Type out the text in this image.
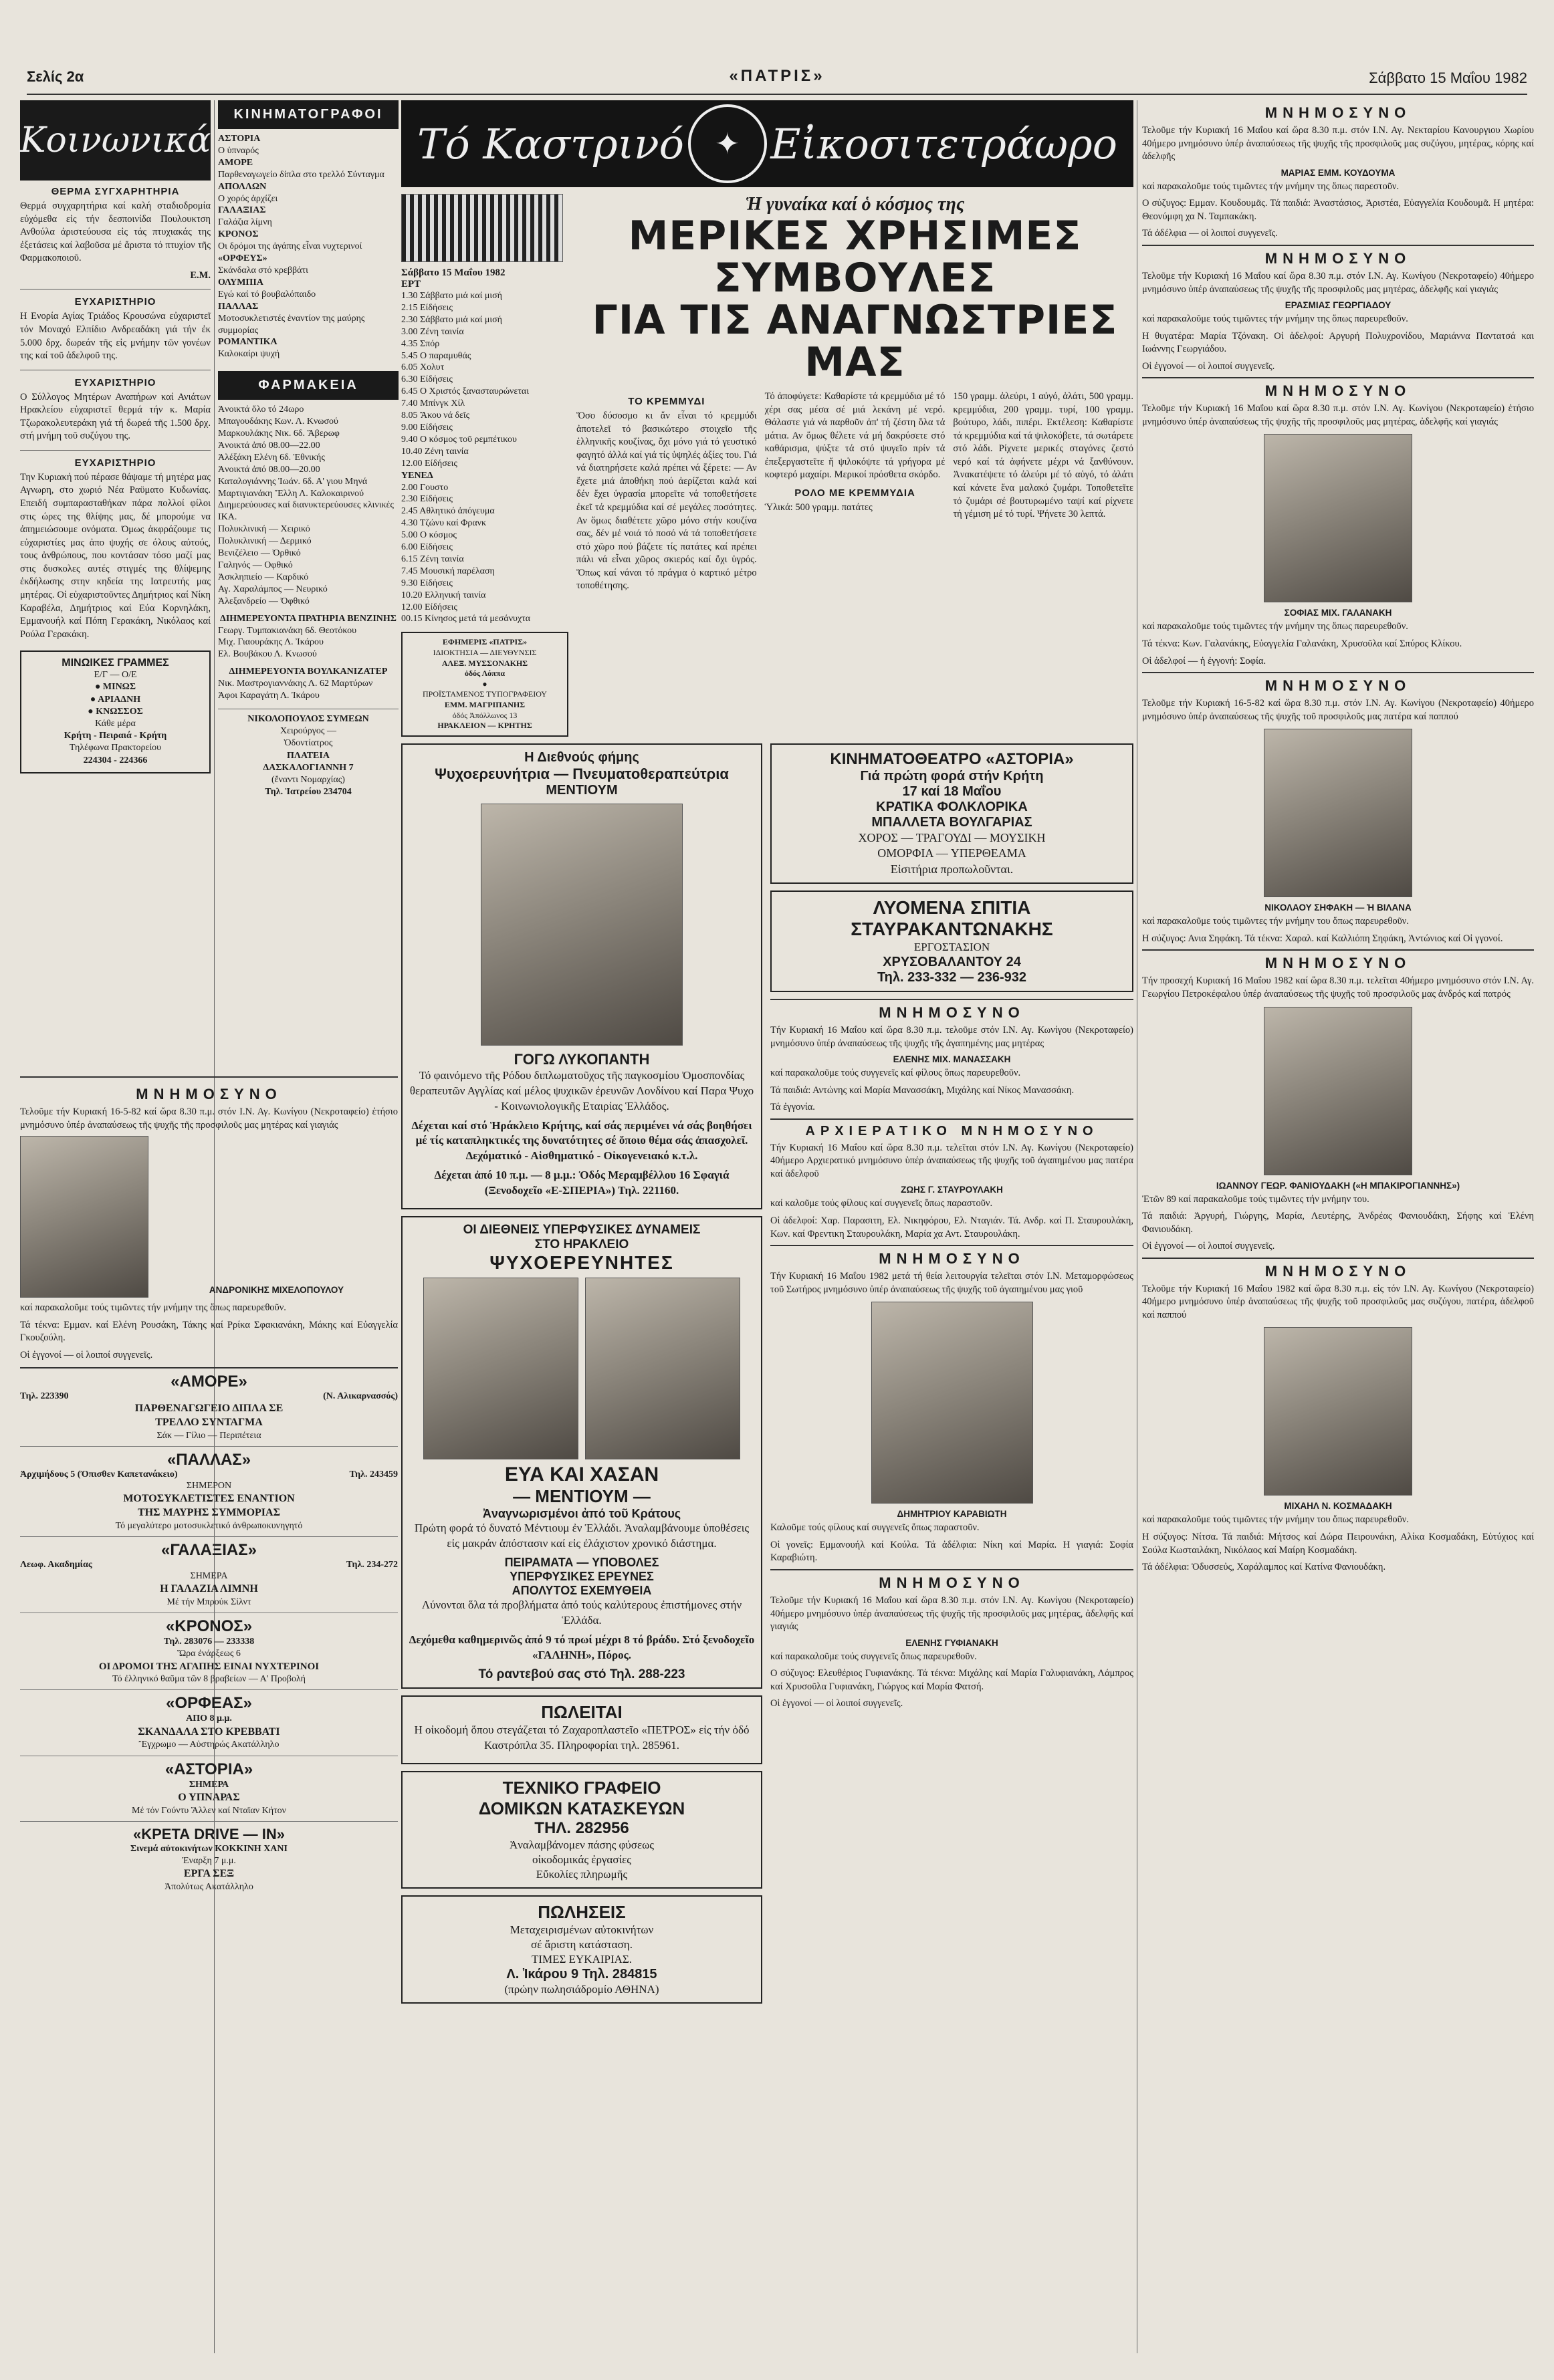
Σελίς 2α	«ΠΑΤΡΙΣ»	Σάββατο 15 Μαΐου 1982
Κοινωνικά
ΘΕΡΜΑ ΣΥΓΧΑΡΗΤΗΡΙΑ

Θερμά συγχαρητήρια καί καλή σταδιοδρομία εὐχόμεθα εἰς τήν δεσποινίδα Πουλουκτση Ανθούλα ἀριστεύουσα εἰς τάς πτυχιακάς της ἐξετάσεις καί λαβοῦσα μέ ἄριστα τό πτυχίον τῆς Φαρμακοποιοῦ.

Ε.Μ.

ΕΥΧΑΡΙΣΤΗΡΙΟ

Η Ενορία Αγίας Τριάδος Κρουσώνα εὐχαριστεῖ τόν Μοναχό Ελπίδιο Ανδρεαδάκη γιά τήν ἐκ 5.000 δρχ. δωρεάν τῆς εἰς μνήμην τῶν γονέων της καί τοῦ ἀδελφοῦ της.

ΕΥΧΑΡΙΣΤΗΡΙΟ

Ο Σύλλογος Μητέρων Αναπήρων καί Ανιάτων Ηρακλείου εὐχαριστεῖ θερμά τήν κ. Μαρία Τζωρακολευτεράκη γιά τή δωρεά τῆς 1.500 δρχ. στή μνήμη τοῦ συζύγου της.

ΕΥΧΑΡΙΣΤΗΡΙΟ

Την Κυριακή πού πέρασε θάψαμε τή μητέρα μας Αγνωρη, στο χωριό Νέα Ραϋματο Κυδωνίας. Επειδή συμπαρασταθήκαν πάρα πολλοί φίλοι στις ώρες της θλίψης μας, δέ μπορούμε να ἀπημειώσουμε ονόματα. Όμως ἀκφράζουμε τις εὐχαριστίες μας ἀπο ψυχής σε όλους αὐτούς, τους ἀνθρώπους, που κοντάσαν τόσο μαζί μας στις δυσκολες αυτές στιγμές της θλίψεμης ἐκδήλωσης στην κηδεία της Ιατρευτής μας μητέρας. Οἱ εὐχαριστοῦντες Δημήτριος καί Νίκη Καραβέλα, Δημήτριος καί Εύα Κορνηλάκη, Εμμανουήλ καί Πόπη Γερακάκη, Νικόλαος καί Ρούλα Γερακάκη.

ΜΙΝΩΙΚΕΣ ΓΡΑΜΜΕΣ
Ε/Γ — Ο/Ε
● ΜΙΝΩΣ
● ΑΡΙΑΔΝΗ
● ΚΝΩΣΣΟΣ
Κάθε μέρα
Κρήτη - Πειραιά - Κρήτη
Τηλέφωνα Πρακτορείου
224304 - 224366
ΚΙΝΗΜΑΤΟΓΡΑΦΟΙ
ΑΣΤΟΡΙΑ
Ο ὑπναρός
ΑΜΟΡΕ
Παρθεναγωγείο δίπλα στο τρελλό Σύνταγμα
ΑΠΟΛΛΩΝ
Ο χορός ἀρχίζει
ΓΑΛΑΞΙΑΣ
Γαλάζια λίμνη
ΚΡΟΝΟΣ
Οι δρόμοι της ἀγάπης εἶναι νυχτερινοί
«ΟΡΦΕΥΣ»
Σκάνδαλα στό κρεββάτι
ΟΛΥΜΠΙΑ
Εγώ καί τό βουβαλόπαιδο
ΠΑΛΛΑΣ
Μοτοσυκλετιστές ἐναντίον της μαύρης συμμορίας
ΡΟΜΑΝΤΙΚΑ
Καλοκαίρι ψυχή
ΦΑΡΜΑΚΕΙΑ
Ἀνοικτά ὅλο τό 24ωρο
Μπαγουδάκης Κων. Λ. Κνωσού
Μαρκουλάκης Νικ. 6δ. Ἄβερωφ
Ἀνοικτά ἀπό 08.00—22.00
Ἀλέξάκη Ελένη 6δ. Ἐθνικής
Ἀνοικτά ἀπό 08.00—20.00
Καταλογιάννης Ἰωάν. 6δ. Α' γιου Μηνά
Μαρτιγιανάκη Ἔλλη Λ. Καλοκαιρινού
Διημερεύουσες καί διανυκτερεύουσες κλινικές ΙΚΑ.
Πολυκλινική — Χειρικό
Πολυκλινική — Δερμικό
Βενιζέλειο — Ὀρθικό
Γαληνός — Οφθικό
Ἀσκληπιείο — Καρδικό
Αγ. Χαραλάμπος — Νευρικό
Ἀλεξανδρείο — Ὀφθικό
ΔΙΗΜΕΡΕΥΟΝΤΑ ΠΡΑΤΗΡΙΑ ΒΕΝΖΙΝΗΣ
Γεωργ. Τυμπακιανάκη 6δ. Θεοτόκου
Μιχ. Γιαουράκης Λ. Ἰκάρου
Ελ. Βουβάκου Λ. Κνωσού
ΔΙΗΜΕΡΕΥΟΝΤΑ ΒΟΥΛΚΑΝΙΖΑΤΕΡ
Νικ. Μαστρογιαννάκης Λ. 62 Μαρτύρων
Ἀφοι Καραγάτη Λ. Ἰκάρου
ΝΙΚΟΛΟΠΟΥΛΟΣ ΣΥΜΕΩΝ
Χειρούργος —
Ὀδοντίατρος
ΠΛΑΤΕΙΑ
ΔΑΣΚΑΛΟΓΙΑΝΝΗ 7
(ἔναντι Νομαρχίας)
Τηλ. Ἰατρείου 234704
ΜΝΗΜΟΣΥΝΟ

Τελοῦμε τήν Κυριακή 16-5-82 καί ὥρα 8.30 π.μ. στόν Ι.Ν. Αγ. Κωνίγου (Νεκροταφείο) ἐτήσιο μνημόσυνο ὑπέρ ἀναπαύσεως τῆς ψυχῆς τῆς προσφιλοῦς μας μητέρας καί γιαγιάς

ΑΝΔΡΟΝΙΚΗΣ ΜΙΧΕΛΟΠΟΥΛΟΥ

καί παρακαλοῦμε τούς τιμῶντες τήν μνήμην της ὅπως παρευρεθοῦν.

Τά τέκνα: Εμμαν. καί Ελένη Ρουσάκη, Τάκης καί Ρρίκα Σφακιανάκη, Μάκης καί Εὐαγγελία Γκουζούλη.

Οἱ ἐγγονοί — οἱ λοιποί συγγενεῖς.

«ΑΜΟΡΕ»
Τηλ. 223390	(Ν. Αλικαρνασσός)
ΠΑΡΘΕΝΑΓΩΓΕΙΟ ΔΙΠΛΑ ΣΕ
ΤΡΕΛΛΟ ΣΥΝΤΑΓΜΑ
Σάκ — Γίλιο — Περιπέτεια
«ΠΑΛΛΑΣ»
Ἀρχιμήδους 5 (Ὀπισθεν Καπετανάκειο)	Τηλ. 243459
ΣΗΜΕΡΟΝ
ΜΟΤΟΣΥΚΛΕΤΙΣΤΕΣ ΕΝΑΝΤΙΟΝ
ΤΗΣ ΜΑΥΡΗΣ ΣΥΜΜΟΡΙΑΣ
Τό μεγαλύτερο μοτοσυκλετικό ἀνθρωποκυνηγητό
«ΓΑΛΑΞΙΑΣ»
Λεωφ. Ακαδημίας	Τηλ. 234-272
ΣΗΜΕΡΑ
Η ΓΑΛΑΖΙΑ ΛΙΜΝΗ
Μέ τήν Μπρούκ Σίλντ
«ΚΡΟΝΟΣ»
Τηλ. 283076 — 233338
Ὥρα ἐνάρξεως 6
ΟΙ ΔΡΟΜΟΙ ΤΗΣ ΑΓΑΠΗΣ ΕΙΝΑΙ ΝΥΧΤΕΡΙΝΟΙ
Τό ἐλληνικό θαῦμα τῶν 8 βραβείων — Α' Προβολή
«ΟΡΦΕΑΣ»
ΑΠΟ 8 μ.μ.
ΣΚΑΝΔΑΛΑ ΣΤΟ ΚΡΕΒΒΑΤΙ
Ἔγχρωμο — Αὐστηρώς Ακατάλληλο
«ΑΣΤΟΡΙΑ»
ΣΗΜΕΡΑ
Ο ΥΠΝΑΡΑΣ
Μέ τόν Γούντυ Ἄλλεν καί Νταϊαν Κήτον
«ΚΡΕΤΑ DRIVE — IN»
Σινεμά αὐτοκινήτων ΚΟΚΚΙΝΗ ΧΑΝΙ
Ἐναρξη 7 μ.μ.
ΕΡΓΑ ΣΕΞ
Ἀπολύτως Ακατάλληλο
Τό Καστρινό	✦ Εἰκοσιτετράωρο
Σάββατο 15 Μαΐου 1982
ΕΡΤ
1.30 Σάββατο μιά καί μισή
2.15 Είδήσεις
2.30 Σάββατο μιά καί μισή
3.00 Ζένη ταινία
4.35 Σπόρ
5.45 Ο παραμυθάς
6.05 Χολυτ
6.30 Είδήσεις
6.45 Ο Χριστός ξανασταυρώνεται
7.40 Μπίνγκ Χίλ
8.05 Ἄκου νά δεῖς
9.00 Είδήσεις
9.40 Ο κόσμος τοῦ ρεμπέτικου
10.40 Ζένη ταινία
12.00 Είδήσεις
ΥΕΝΕΔ
2.00 Γουστο
2.30 Είδήσεις
2.45 Αθλητικό ἀπόγευμα
4.30 Τζώνυ καί Φρανκ
5.00 Ο κόσμος
6.00 Είδήσεις
6.15 Ζένη ταινία
7.45 Μουσική παρέλαση
9.30 Είδήσεις
10.20 Ελληνική ταινία
12.00 Είδήσεις
00.15 Κίνησος μετά τά μεσάνυχτα
ΕΦΗΜΕΡΙΣ «ΠΑΤΡΙΣ»
ΙΔΙΟΚΤΗΣΙΑ — ΔΙΕΥΘΥΝΣΙΣ
ΑΛΕΞ. ΜΥΣΣΟΝΑΚΗΣ
ὁδός Λόππα
●
ΠΡΟΪΣΤΑΜΕΝΟΣ ΤΥΠΟΓΡΑΦΕΙΟΥ
ΕΜΜ. ΜΑΓΡΙΠΑΝΗΣ
ὁδός Ἀπόλλωνος 13
ΗΡΑΚΛΕΙΟΝ — ΚΡΗΤΗΣ
Ἡ γυναίκα καί ὁ κόσμος της
ΜΕΡΙΚΕΣ ΧΡΗΣΙΜΕΣ ΣΥΜΒΟΥΛΕΣ
ΓΙΑ ΤΙΣ ΑΝΑΓΝΩΣΤΡΙΕΣ ΜΑΣ
ΤΟ ΚΡΕΜΜΥΔΙ

Ὅσο δύσοσμο κι ἄν εἶναι τό κρεμμύδι ἀποτελεῖ τό βασικώτερο στοιχεῖο τῆς ἑλληνικῆς κουζίνας, ὄχι μόνο γιά τό γευστικό φαγητό ἀλλά καί γιά τίς ὑψηλές ἀξίες του. Γιά νά διατηρήσετε καλά πρέπει νά ξέρετε: — Αν ἔχετε μιά ἀποθήκη πού ἀερίζεται καλά καί δέν ἔχει ὑγρασία μπορεῖτε νά τοποθετήσετε ἐκεῖ τά κρεμμύδια καί σέ μεγάλες ποσότητες. Αν ὅμως διαθέτετε χῶρο μόνο στήν κουζίνα σας, δέν μέ νοιά τό ποσό νά τά τοποθετήσετε στό χῶρο πού βάζετε τίς πατάτες καί πρέπει πάλι νά εἶναι χῶρος σκιερός καί ὄχι ὑγρός. Ὅπως καί νάναι τό πράγμα ὀ καρτικό μέτρο τοποθέτησης.

Τό ἀποφύγετε: Καθαρίστε τά κρεμμύδια μέ τό χέρι σας μέσα σέ μιά λεκάνη μέ νερό. Θάλαστε γιά νά παρθοῦν ἀπ' τή ζέστη ὅλα τά μάτια. Αν ὅμως θέλετε νά μή δακρύσετε στό καθάρισμα, ψύξτε τά στό ψυγεῖο πρίν τά ἐπεξεργαστεῖτε ἤ ψιλοκόψτε τά γρήγορα μέ κοφτερό μαχαίρι. Μερικοί πρόσθετα σκόρδο.

ΡΟΛΟ ΜΕ ΚΡΕΜΜΥΔΙΑ

Ὑλικά: 500 γραμμ. πατάτες

150 γραμμ. ἀλεύρι, 1 αὐγό, ἀλάτι, 500 γραμμ. κρεμμύδια, 200 γραμμ. τυρί, 100 γραμμ. βούτυρο, λάδι, πιπέρι. Εκτέλεση: Καθαρίστε τά κρεμμύδια καί τά ψιλοκόβετε, τά σωτάρετε στό λάδι. Ρίχνετε μερικές σταγόνες ζεστό νερό καί τά ἀφήνετε μέχρι νά ξανθύνουν. Ἀνακατέψετε τό ἀλεύρι μέ τό αὐγό, τό ἀλάτι καί κάνετε ἕνα μαλακό ζυμάρι. Τοποθετεῖτε τό ζυμάρι σέ βουτυρωμένο ταψί καί ρίχνετε τή γέμιση μέ τό τυρί. Ψήνετε 30 λεπτά.

Η Διεθνούς φήμης
Ψυχοερευνήτρια — Πνευματοθεραπεύτρια
ΜΕΝΤΙΟΥΜ
ΓΟΓΩ ΛΥΚΟΠΑΝΤΗ

Τό φαινόμενο τῆς Ρόδου διπλωματοῦχος τῆς παγκοσμίου Ὀμοσπονδίας θεραπευτῶν Αγγλίας καί μέλος ψυχικῶν ἐρευνῶν Λονδίνου καί Παρα Ψυχο - Κοινωνιολογικῆς Εταιρίας Ἑλλάδος.

Δέχεται καί στό Ἡράκλειο Κρήτης, καί σάς περιμένει νά σάς βοηθήσει μέ τίς καταπληκτικές της δυνατότητες σέ ὅποιο θέμα σάς ἀπασχολεῖ. Δεχόματικό - Αἰσθηματικό - Οἰκογενειακό κ.τ.λ.

Δέχεται ἀπό 10 π.μ. — 8 μ.μ.: Ὁδός Μεραμβέλλου 16 Σφαγιά (Ξενοδοχεῖο «Ε-ΣΠΕΡΙΑ») Τηλ. 221160.

ΟΙ ΔΙΕΘΝΕΙΣ ΥΠΕΡΦΥΣΙΚΕΣ ΔΥΝΑΜΕΙΣ
ΣΤΟ ΗΡΑΚΛΕΙΟ
ΨΥΧΟΕΡΕΥΝΗΤΕΣ
ΕΥΑ ΚΑΙ ΧΑΣΑΝ
— ΜΕΝΤΙΟΥΜ —
Ἀναγνωρισμένοι ἀπό τοῦ Κράτους

Πρώτη φορά τό δυνατό Μέντιουμ ἐν Ἑλλάδι. Ἀναλαμβάνουμε ὑποθέσεις εἰς μακράν ἀπόστασιν καί εἰς ἐλάχιστον χρονικό διάστημα.

ΠΕΙΡΑΜΑΤΑ — ΥΠΟΒΟΛΕΣ
ΥΠΕΡΦΥΣΙΚΕΣ ΕΡΕΥΝΕΣ
ΑΠΟΛΥΤΟΣ ΕΧΕΜΥΘΕΙΑ

Λύνονται ὅλα τά προβλήματα ἀπό τούς καλύτερους ἐπιστήμονες στήν Ἑλλάδα.

Δεχόμεθα καθημερινῶς ἀπό 9 τό πρωί μέχρι 8 τό βράδυ. Στό ξενοδοχεῖο «ΓΑΛΗΝΗ», Πόρος.

Τό ραντεβού σας στό Τηλ. 288-223
ΠΩΛΕΙΤΑΙ

Η οἰκοδομή ὅπου στεγάζεται τό Ζαχαροπλαστεῖο «ΠΕΤΡΟΣ» εἰς τήν ὁδό Καστρόπλα 35. Πληροφορίαι τηλ. 285961.

ΤΕΧΝΙΚΟ ΓΡΑΦΕΙΟ
ΔΟΜΙΚΩΝ ΚΑΤΑΣΚΕΥΩΝ
ΤΗΛ. 282956
Ἀναλαμβάνομεν πάσης φύσεως
οἰκοδομικάς ἐργασίες
Εὔκολίες πληρωμῆς
ΠΩΛΗΣΕΙΣ
Μεταχειρισμένων αὐτοκινήτων
σέ ἄριστη κατάσταση.
ΤΙΜΕΣ ΕΥΚΑΙΡΙΑΣ.
Λ. Ἰκάρου 9 Τηλ. 284815
(πρώην πωλησιάδρομίο ΑΘΗΝΑ)
ΚΙΝΗΜΑΤΟΘΕΑΤΡΟ «ΑΣΤΟΡΙΑ»
Γιά πρώτη φορά στήν Κρήτη
17 καί 18 Μαΐου
ΚΡΑΤΙΚΑ ΦΟΛΚΛΟΡΙΚΑ
ΜΠΑΛΛΕΤΑ ΒΟΥΛΓΑΡΙΑΣ
ΧΟΡΟΣ — ΤΡΑΓΟΥΔΙ — ΜΟΥΣΙΚΗ
ΟΜΟΡΦΙΑ — ΥΠΕΡΘΕΑΜΑ
Εἰσιτήρια προπωλοῦνται.
ΛΥΟΜΕΝΑ ΣΠΙΤΙΑ
ΣΤΑΥΡΑΚΑΝΤΩΝΑΚΗΣ
ΕΡΓΟΣΤΑΣΙΟΝ
ΧΡΥΣΟΒΑΛΑΝΤΟΥ 24
Τηλ. 233-332 — 236-932
ΜΝΗΜΟΣΥΝΟ

Τήν Κυριακή 16 Μαΐου καί ὥρα 8.30 π.μ. τελοῦμε στόν Ι.Ν. Αγ. Κωνίγου (Νεκροταφείο) μνημόσυνο ὑπέρ ἀναπαύσεως τῆς ψυχῆς τῆς ἀγαπημένης μας μητέρας

ΕΛΕΝΗΣ ΜΙΧ. ΜΑΝΑΣΣΑΚΗ

καί παρακαλοῦμε τούς συγγενεῖς καί φίλους ὅπως παρευρεθοῦν.

Τά παιδιά: Αντώνης καί Μαρία Μανασσάκη, Μιχάλης καί Νίκος Μανασσάκη.

Τά ἐγγονία.

ΑΡΧΙΕΡΑΤΙΚΟ ΜΝΗΜΟΣΥΝΟ

Τήν Κυριακή 16 Μαΐου καί ὥρα 8.30 π.μ. τελεῖται στόν Ι.Ν. Αγ. Κωνίγου (Νεκροταφείο) 40ήμερο Αρχιερατικό μνημόσυνο ὑπέρ ἀναπαύσεως τῆς ψυχῆς τοῦ ἀγαπημένου μας πατέρα καί ἀδελφοῦ

ΖΩΗΣ Γ. ΣΤΑΥΡΟΥΛΑΚΗ

καί καλοῦμε τούς φίλους καί συγγενεῖς ὅπως παραστοῦν.

Οἱ ἀδελφοί: Χαρ. Παρασιτη, Ελ. Νικηφόρου, Ελ. Νταγιάν. Τά. Ανδρ. καί Π. Σταυρουλάκη, Κων. καί Φρεντικη Σταυρουλάκη, Μαρία χα Αντ. Σταυρουλάκη.

ΜΝΗΜΟΣΥΝΟ

Τήν Κυριακή 16 Μαΐου 1982 μετά τή θεία λειτουργία τελεῖται στόν Ι.Ν. Μεταμορφώσεως τοῦ Σωτήρος μνημόσυνο ὑπέρ ἀναπαύσεως τῆς ψυχῆς τοῦ ἀγαπημένου μας γιοῦ

ΔΗΜΗΤΡΙΟΥ ΚΑΡΑΒΙΩΤΗ

Καλοῦμε τούς φίλους καί συγγενεῖς ὅπως παραστοῦν.

Οἱ γονεῖς: Εμμανουήλ καί Κούλα. Τά ἀδέλφια: Νίκη καί Μαρία. Η γιαγιά: Σοφία Καραβιώτη.

ΜΝΗΜΟΣΥΝΟ

Τελοῦμε τήν Κυριακή 16 Μαΐου καί ὥρα 8.30 π.μ. στόν Ι.Ν. Αγ. Κωνίγου (Νεκροταφείο) 40ήμερο μνημόσυνο ὑπέρ ἀναπαύσεως τῆς ψυχῆς τῆς προσφιλοῦς μας μητέρας, ἀδελφῆς καί γιαγιάς

ΕΛΕΝΗΣ ΓΥΦΙΑΝΑΚΗ

καί παρακαλοῦμε τούς συγγενεῖς ὅπως παρευρεθοῦν.

Ο σύζυγος: Ελευθέριος Γυφιανάκης. Τά τέκνα: Μιχάλης καί Μαρία Γαλυφιανάκη, Λάμπρος καί Χρυσοῦλα Γυφιανάκη, Γιώργος καί Μαρία Φατσή.

Οἱ ἐγγονοί — οἱ λοιποί συγγενεῖς.

ΜΝΗΜΟΣΥΝΟ

Τελοῦμε τήν Κυριακή 16 Μαΐου καί ὥρα 8.30 π.μ. στόν Ι.Ν. Αγ. Νεκταρίου Κανουργιου Χωρίου 40ήμερο μνημόσυνο ὑπέρ ἀναπαύσεως τῆς ψυχῆς τῆς προσφιλοῦς μας συζύγου, μητέρας, κόρης καί ἀδελφῆς

ΜΑΡΙΑΣ ΕΜΜ. ΚΟΥΔΟΥΜΑ

καί παρακαλοῦμε τούς τιμῶντες τήν μνήμην της ὅπως παρεστοῦν.

Ο σύζυγος: Εμμαν. Κουδουμᾶς. Τά παιδιά: Ἀναστάσιος, Ἀριστέα, Εὐαγγελία Κουδουμᾶ. Η μητέρα: Θεονύμφη χα Ν. Ταμπακάκη.

Τά ἀδέλφια — οἱ λοιποί συγγενεῖς.

ΜΝΗΜΟΣΥΝΟ

Τελοῦμε τήν Κυριακή 16 Μαΐου καί ὥρα 8.30 π.μ. στόν Ι.Ν. Αγ. Κωνίγου (Νεκροταφείο) 40ήμερο μνημόσυνο ὑπέρ ἀναπαύσεως τῆς ψυχῆς τῆς προσφιλοῦς μας μητέρας, ἀδελφῆς καί γιαγιάς

ΕΡΑΣΜΙΑΣ ΓΕΩΡΓΙΑΔΟΥ

καί παρακαλοῦμε τούς τιμῶντες τήν μνήμην της ὅπως παρευρεθοῦν.

Η θυγατέρα: Μαρία Τζόνακη. Οἱ ἀδελφοί: Αργυρή Πολυχρονίδου, Μαριάννα Παντατσά και Ιωάννης Γεωργιάδου.

Οἱ ἐγγονοί — οἱ λοιποί συγγενεῖς.

ΜΝΗΜΟΣΥΝΟ

Τελοῦμε τήν Κυριακή 16 Μαΐου καί ὥρα 8.30 π.μ. στόν Ι.Ν. Αγ. Κωνίγου (Νεκροταφείο) ἐτήσιο μνημόσυνο ὑπέρ ἀναπαύσεως τῆς ψυχῆς τῆς προσφιλοῦς μας μητέρας, ἀδελφῆς καί γιαγιάς

ΣΟΦΙΑΣ ΜΙΧ. ΓΑΛΑΝΑΚΗ

καί παρακαλοῦμε τούς τιμῶντες τήν μνήμην της ὅπως παρευρεθοῦν.

Τά τέκνα: Κων. Γαλανάκης, Εὐαγγελία Γαλανάκη, Χρυσοῦλα καί Σπύρος Κλίκου.

Οἱ ἀδελφοί — ἡ ἐγγονή: Σοφία.

ΜΝΗΜΟΣΥΝΟ

Τελοῦμε τήν Κυριακή 16-5-82 καί ὥρα 8.30 π.μ. στόν Ι.Ν. Αγ. Κωνίγου (Νεκροταφείο) 40ήμερο μνημόσυνο ὑπέρ ἀναπαύσεως τῆς ψυχῆς τοῦ προσφιλοῦς μας πατέρα καί παππού

ΝΙΚΟΛΑΟΥ ΣΗΦΑΚΗ — Ἡ ΒΙΛΑΝΑ

καί παρακαλοῦμε τούς τιμῶντες τήν μνήμην του ὅπως παρευρεθοῦν.

Η σύζυγος: Ανια Σηφάκη. Τά τέκνα: Χαραλ. καί Καλλιόπη Σηφάκη, Ἀντώνιος καί Οἱ γγονοί.

ΜΝΗΜΟΣΥΝΟ

Τήν προσεχή Κυριακή 16 Μαΐου 1982 καί ὥρα 8.30 π.μ. τελεῖται 40ήμερο μνημόσυνο στόν Ι.Ν. Αγ. Γεωργίου Πετροκέφαλου ὑπέρ ἀναπαύσεως τῆς ψυχῆς τοῦ προσφιλοῦς μας ἀνδρός καί πατρός

ΙΩΑΝΝΟΥ ΓΕΩΡ. ΦΑΝΙΟΥΔΑΚΗ («Η ΜΠΑΚΙΡΟΓΙΑΝΝΗΣ»)

Ἐτῶν 89 καί παρακαλοῦμε τούς τιμῶντες τήν μνήμην του.

Τά παιδιά: Ἀργυρή, Γιώργης, Μαρία, Λευτέρης, Ἀνδρέας Φανιουδάκη, Σήφης καί Ἐλένη Φανιουδάκη.

Οἱ ἐγγονοί — οἱ λοιποί συγγενεῖς.

ΜΝΗΜΟΣΥΝΟ

Τελοῦμε τήν Κυριακή 16 Μαΐου 1982 καί ὥρα 8.30 π.μ. εἰς τόν Ι.Ν. Αγ. Κωνίγου (Νεκροταφείο) 40ήμερο μνημόσυνο ὑπέρ ἀναπαύσεως τῆς ψυχῆς τοῦ προσφιλοῦς μας συζύγου, πατέρα, ἀδελφοῦ καί παππού

ΜΙΧΑΗΛ Ν. ΚΟΣΜΑΔΑΚΗ

καί παρακαλοῦμε τούς τιμῶντες τήν μνήμην του ὅπως παρευρεθοῦν.

Η σύζυγος: Νίτσα. Τά παιδιά: Μήτσος καί Δώρα Πειρουνάκη, Αλίκα Κοσμαδάκη, Εὐτύχιος καί Σούλα Κωσταιλάκη, Νικόλαος καί Μαίρη Κοσμαδάκη.

Τά ἀδέλφια: Ὁδυσσεὐς, Χαράλαμπος καί Κατίνα Φανιουδάκη.
